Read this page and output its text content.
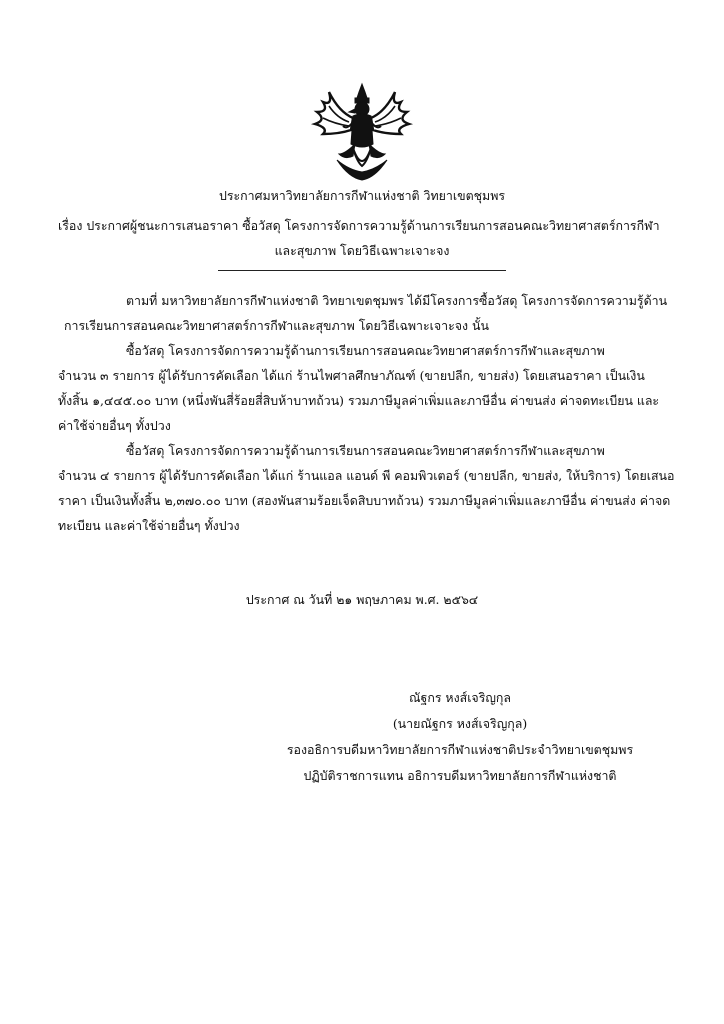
ประกาศมหาวิทยาลัยการกีฬาแห่งชาติ วิทยาเขตชุมพร
เรื่อง ประกาศผู้ชนะการเสนอราคา ซื้อวัสดุ โครงการจัดการความรู้ด้านการเรียนการสอนคณะวิทยาศาสตร์การกีฬา
และสุขภาพ โดยวิธีเฉพาะเจาะจง
ตามที่ มหาวิทยาลัยการกีฬาแห่งชาติ วิทยาเขตชุมพร ได้มีโครงการซื้อวัสดุ โครงการจัดการความรู้ด้าน
การเรียนการสอนคณะวิทยาศาสตร์การกีฬาและสุขภาพ โดยวิธีเฉพาะเจาะจง นั้น
ซื้อวัสดุ โครงการจัดการความรู้ด้านการเรียนการสอนคณะวิทยาศาสตร์การกีฬาและสุขภาพ
จำนวน ๓ รายการ ผู้ได้รับการคัดเลือก ได้แก่ ร้านไพศาลศึกษาภัณฑ์ (ขายปลีก, ขายส่ง) โดยเสนอราคา เป็นเงิน
ทั้งสิ้น ๑,๔๔๕.๐๐ บาท (หนึ่งพันสี่ร้อยสี่สิบห้าบาทถ้วน) รวมภาษีมูลค่าเพิ่มและภาษีอื่น ค่าขนส่ง ค่าจดทะเบียน และ
ค่าใช้จ่ายอื่นๆ ทั้งปวง
ซื้อวัสดุ โครงการจัดการความรู้ด้านการเรียนการสอนคณะวิทยาศาสตร์การกีฬาและสุขภาพ
จำนวน ๔ รายการ ผู้ได้รับการคัดเลือก ได้แก่ ร้านแอล แอนด์ พี คอมพิวเตอร์ (ขายปลีก, ขายส่ง, ให้บริการ) โดยเสนอ
ราคา เป็นเงินทั้งสิ้น ๒,๓๗๐.๐๐ บาท (สองพันสามร้อยเจ็ดสิบบาทถ้วน) รวมภาษีมูลค่าเพิ่มและภาษีอื่น ค่าขนส่ง ค่าจด
ทะเบียน และค่าใช้จ่ายอื่นๆ ทั้งปวง
ประกาศ ณ วันที่ ๒๑ พฤษภาคม พ.ศ. ๒๕๖๔
ณัฐกร หงส์เจริญกุล
(นายณัฐกร หงส์เจริญกุล)
รองอธิการบดีมหาวิทยาลัยการกีฬาแห่งชาติประจำวิทยาเขตชุมพร
ปฏิบัติราชการแทน อธิการบดีมหาวิทยาลัยการกีฬาแห่งชาติ
